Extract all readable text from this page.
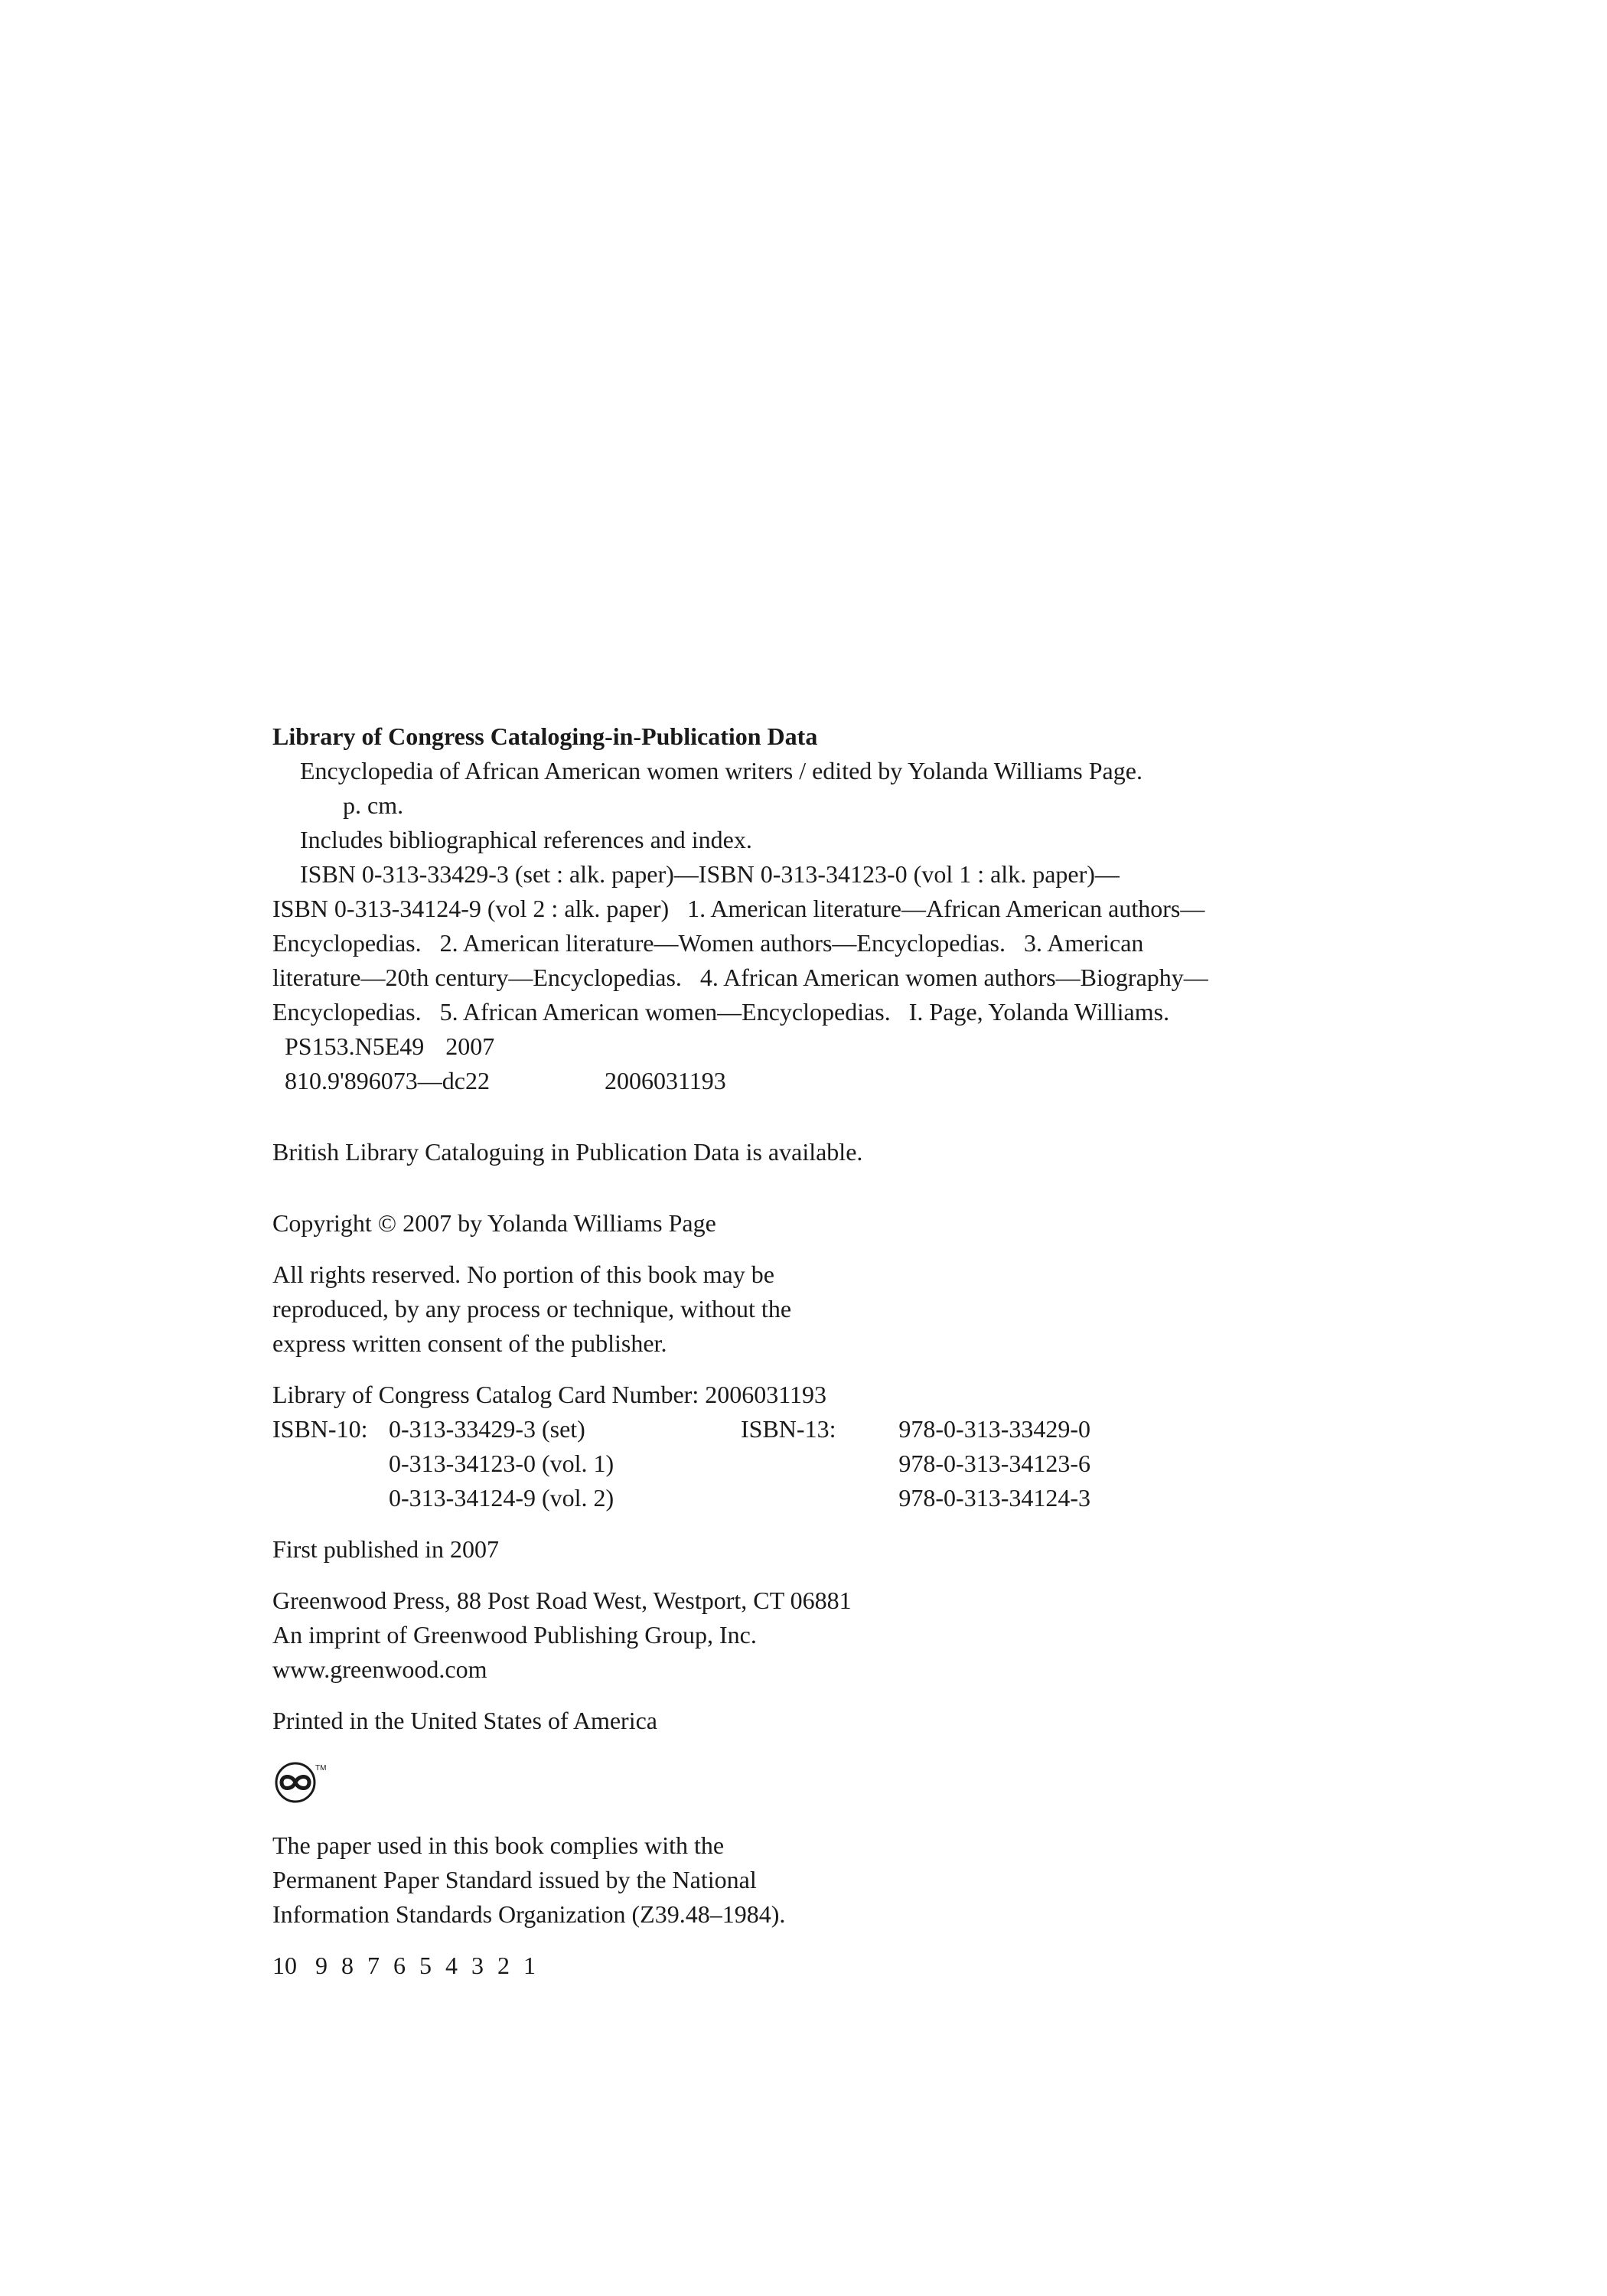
Library of Congress Cataloging-in-Publication Data
Encyclopedia of African American women writers / edited by Yolanda Williams Page.
p. cm.
Includes bibliographical references and index.
ISBN 0-313-33429-3 (set : alk. paper)—ISBN 0-313-34123-0 (vol 1 : alk. paper)—
ISBN 0-313-34124-9 (vol 2 : alk. paper)   1. American literature—African American authors—
Encyclopedias.   2. American literature—Women authors—Encyclopedias.   3. American
literature—20th century—Encyclopedias.   4. African American women authors—Biography—
Encyclopedias.   5. African American women—Encyclopedias.   I. Page, Yolanda Williams.
PS153.N5E49 2007
810.9'896073—dc22	2006031193
British Library Cataloguing in Publication Data is available.
Copyright © 2007 by Yolanda Williams Page
All rights reserved. No portion of this book may be
reproduced, by any process or technique, without the
express written consent of the publisher.
Library of Congress Catalog Card Number: 2006031193
ISBN-10:	0-313-33429-3 (set)	ISBN-13:	978-0-313-33429-0
	0-313-34123-0 (vol. 1)		978-0-313-34123-6
	0-313-34124-9 (vol. 2)		978-0-313-34124-3
First published in 2007
Greenwood Press, 88 Post Road West, Westport, CT 06881
An imprint of Greenwood Publishing Group, Inc.
www.greenwood.com
Printed in the United States of America
TM
The paper used in this book complies with the
Permanent Paper Standard issued by the National
Information Standards Organization (Z39.48–1984).
10 9 8 7 6 5 4 3 2 1
